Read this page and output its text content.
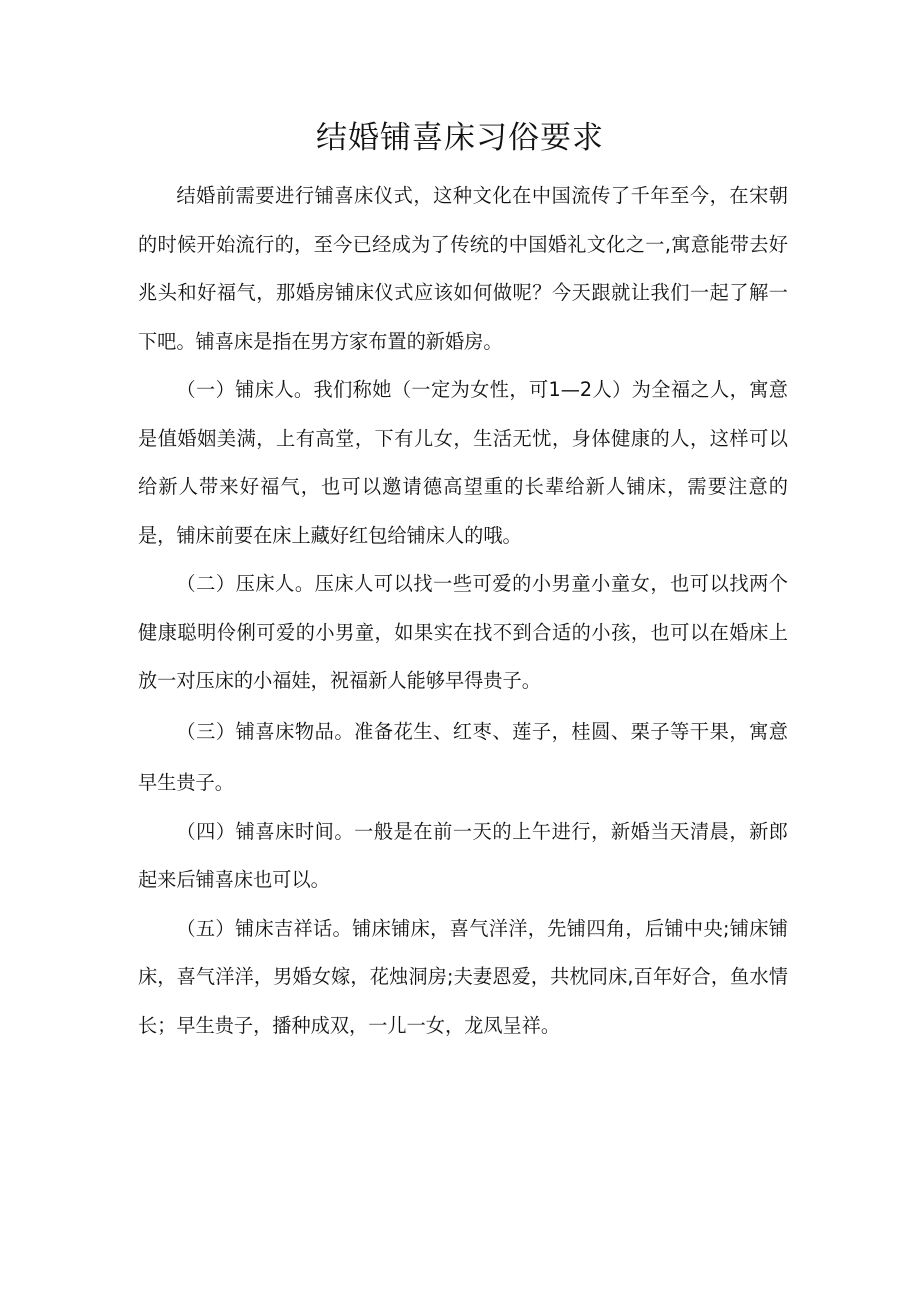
结婚铺喜床习俗要求

结婚前需要进行铺喜床仪式，这种文化在中国流传了千年至今，在宋朝的时候开始流行的，至今已经成为了传统的中国婚礼文化之一,寓意能带去好兆头和好福气，那婚房铺床仪式应该如何做呢？今天跟就让我们一起了解一下吧。铺喜床是指在男方家布置的新婚房。

（一）铺床人。我们称她（一定为女性，可1—2人）为全福之人，寓意是值婚姻美满，上有高堂，下有儿女，生活无忧，身体健康的人，这样可以给新人带来好福气，也可以邀请德高望重的长辈给新人铺床，需要注意的是，铺床前要在床上藏好红包给铺床人的哦。

（二）压床人。压床人可以找一些可爱的小男童小童女，也可以找两个健康聪明伶俐可爱的小男童，如果实在找不到合适的小孩，也可以在婚床上放一对压床的小福娃，祝福新人能够早得贵子。

（三）铺喜床物品。准备花生、红枣、莲子，桂圆、栗子等干果，寓意早生贵子。

（四）铺喜床时间。一般是在前一天的上午进行，新婚当天清晨，新郎起来后铺喜床也可以。

（五）铺床吉祥话。铺床铺床，喜气洋洋，先铺四角，后铺中央;铺床铺床，喜气洋洋，男婚女嫁，花烛洞房;夫妻恩爱，共枕同床,百年好合，鱼水情长；早生贵子，播种成双，一儿一女，龙凤呈祥。
